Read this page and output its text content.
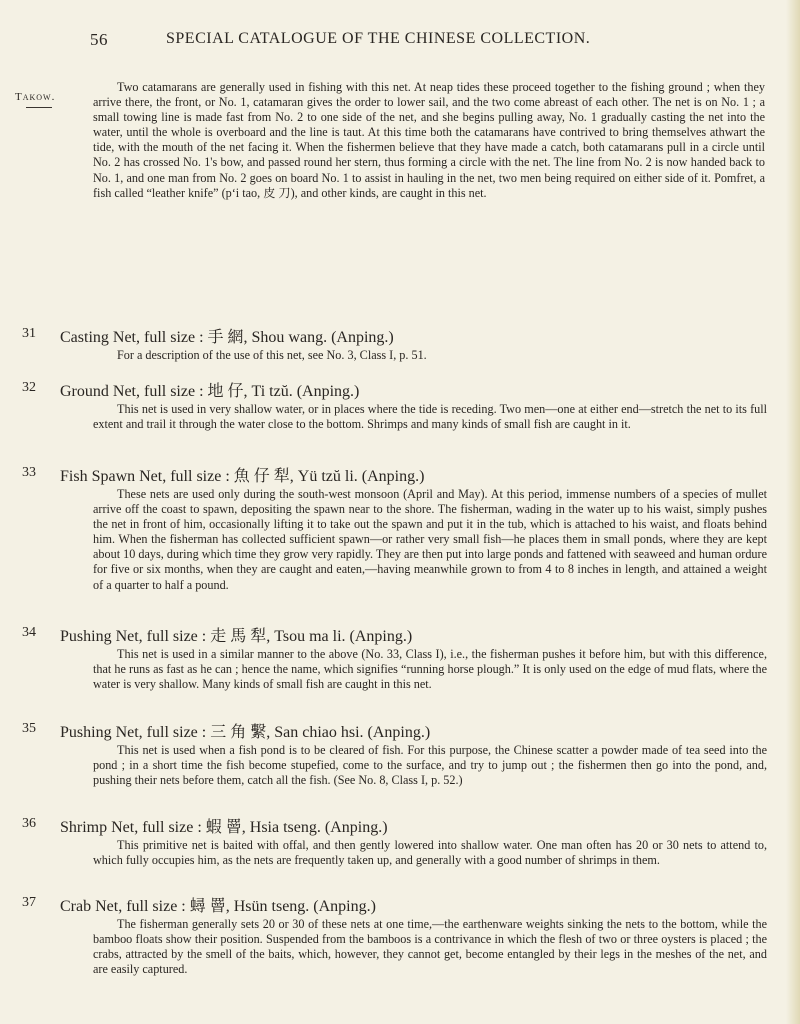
56	SPECIAL CATALOGUE OF THE CHINESE COLLECTION.
Takow.
Two catamarans are generally used in fishing with this net. At neap tides these proceed together to the fishing ground ; when they arrive there, the front, or No. 1, catamaran gives the order to lower sail, and the two come abreast of each other. The net is on No. 1 ; a small towing line is made fast from No. 2 to one side of the net, and she begins pulling away, No. 1 gradually casting the net into the water, until the whole is overboard and the line is taut. At this time both the catamarans have contrived to bring themselves athwart the tide, with the mouth of the net facing it. When the fishermen believe that they have made a catch, both catamarans pull in a circle until No. 2 has crossed No. 1's bow, and passed round her stern, thus forming a circle with the net. The line from No. 2 is now handed back to No. 1, and one man from No. 2 goes on board No. 1 to assist in hauling in the net, two men being required on either side of it. Pomfret, a fish called “leather knife” (p‘i tao, 皮 刀), and other kinds, are caught in this net.
31 Casting Net, full size : 手 網, Shou wang. (Anping.)
For a description of the use of this net, see No. 3, Class I, p. 51.
32 Ground Net, full size : 地 仔, Ti tzŭ. (Anping.)
This net is used in very shallow water, or in places where the tide is receding. Two men—one at either end—stretch the net to its full extent and trail it through the water close to the bottom. Shrimps and many kinds of small fish are caught in it.
33 Fish Spawn Net, full size : 魚 仔 犁, Yü tzŭ li. (Anping.)
These nets are used only during the south-west monsoon (April and May). At this period, immense numbers of a species of mullet arrive off the coast to spawn, depositing the spawn near to the shore. The fisherman, wading in the water up to his waist, simply pushes the net in front of him, occasionally lifting it to take out the spawn and put it in the tub, which is attached to his waist, and floats behind him. When the fisherman has collected sufficient spawn—or rather very small fish—he places them in small ponds, where they are kept about 10 days, during which time they grow very rapidly. They are then put into large ponds and fattened with seaweed and human ordure for five or six months, when they are caught and eaten,—having meanwhile grown to from 4 to 8 inches in length, and attained a weight of a quarter to half a pound.
34 Pushing Net, full size : 走 馬 犁, Tsou ma li. (Anping.)
This net is used in a similar manner to the above (No. 33, Class I), i.e., the fisherman pushes it before him, but with this difference, that he runs as fast as he can ; hence the name, which signifies “running horse plough.” It is only used on the edge of mud flats, where the water is very shallow. Many kinds of small fish are caught in this net.
35 Pushing Net, full size : 三 角 繫, San chiao hsi. (Anping.)
This net is used when a fish pond is to be cleared of fish. For this purpose, the Chinese scatter a powder made of tea seed into the pond ; in a short time the fish become stupefied, come to the surface, and try to jump out ; the fishermen then go into the pond, and, pushing their nets before them, catch all the fish. (See No. 8, Class I, p. 52.)
36 Shrimp Net, full size : 蝦 罾, Hsia tseng. (Anping.)
This primitive net is baited with offal, and then gently lowered into shallow water. One man often has 20 or 30 nets to attend to, which fully occupies him, as the nets are frequently taken up, and generally with a good number of shrimps in them.
37 Crab Net, full size : 蟳 罾, Hsün tseng. (Anping.)
The fisherman generally sets 20 or 30 of these nets at one time,—the earthenware weights sinking the nets to the bottom, while the bamboo floats show their position. Suspended from the bamboos is a contrivance in which the flesh of two or three oysters is placed ; the crabs, attracted by the smell of the baits, which, however, they cannot get, become entangled by their legs in the meshes of the net, and are easily captured.
